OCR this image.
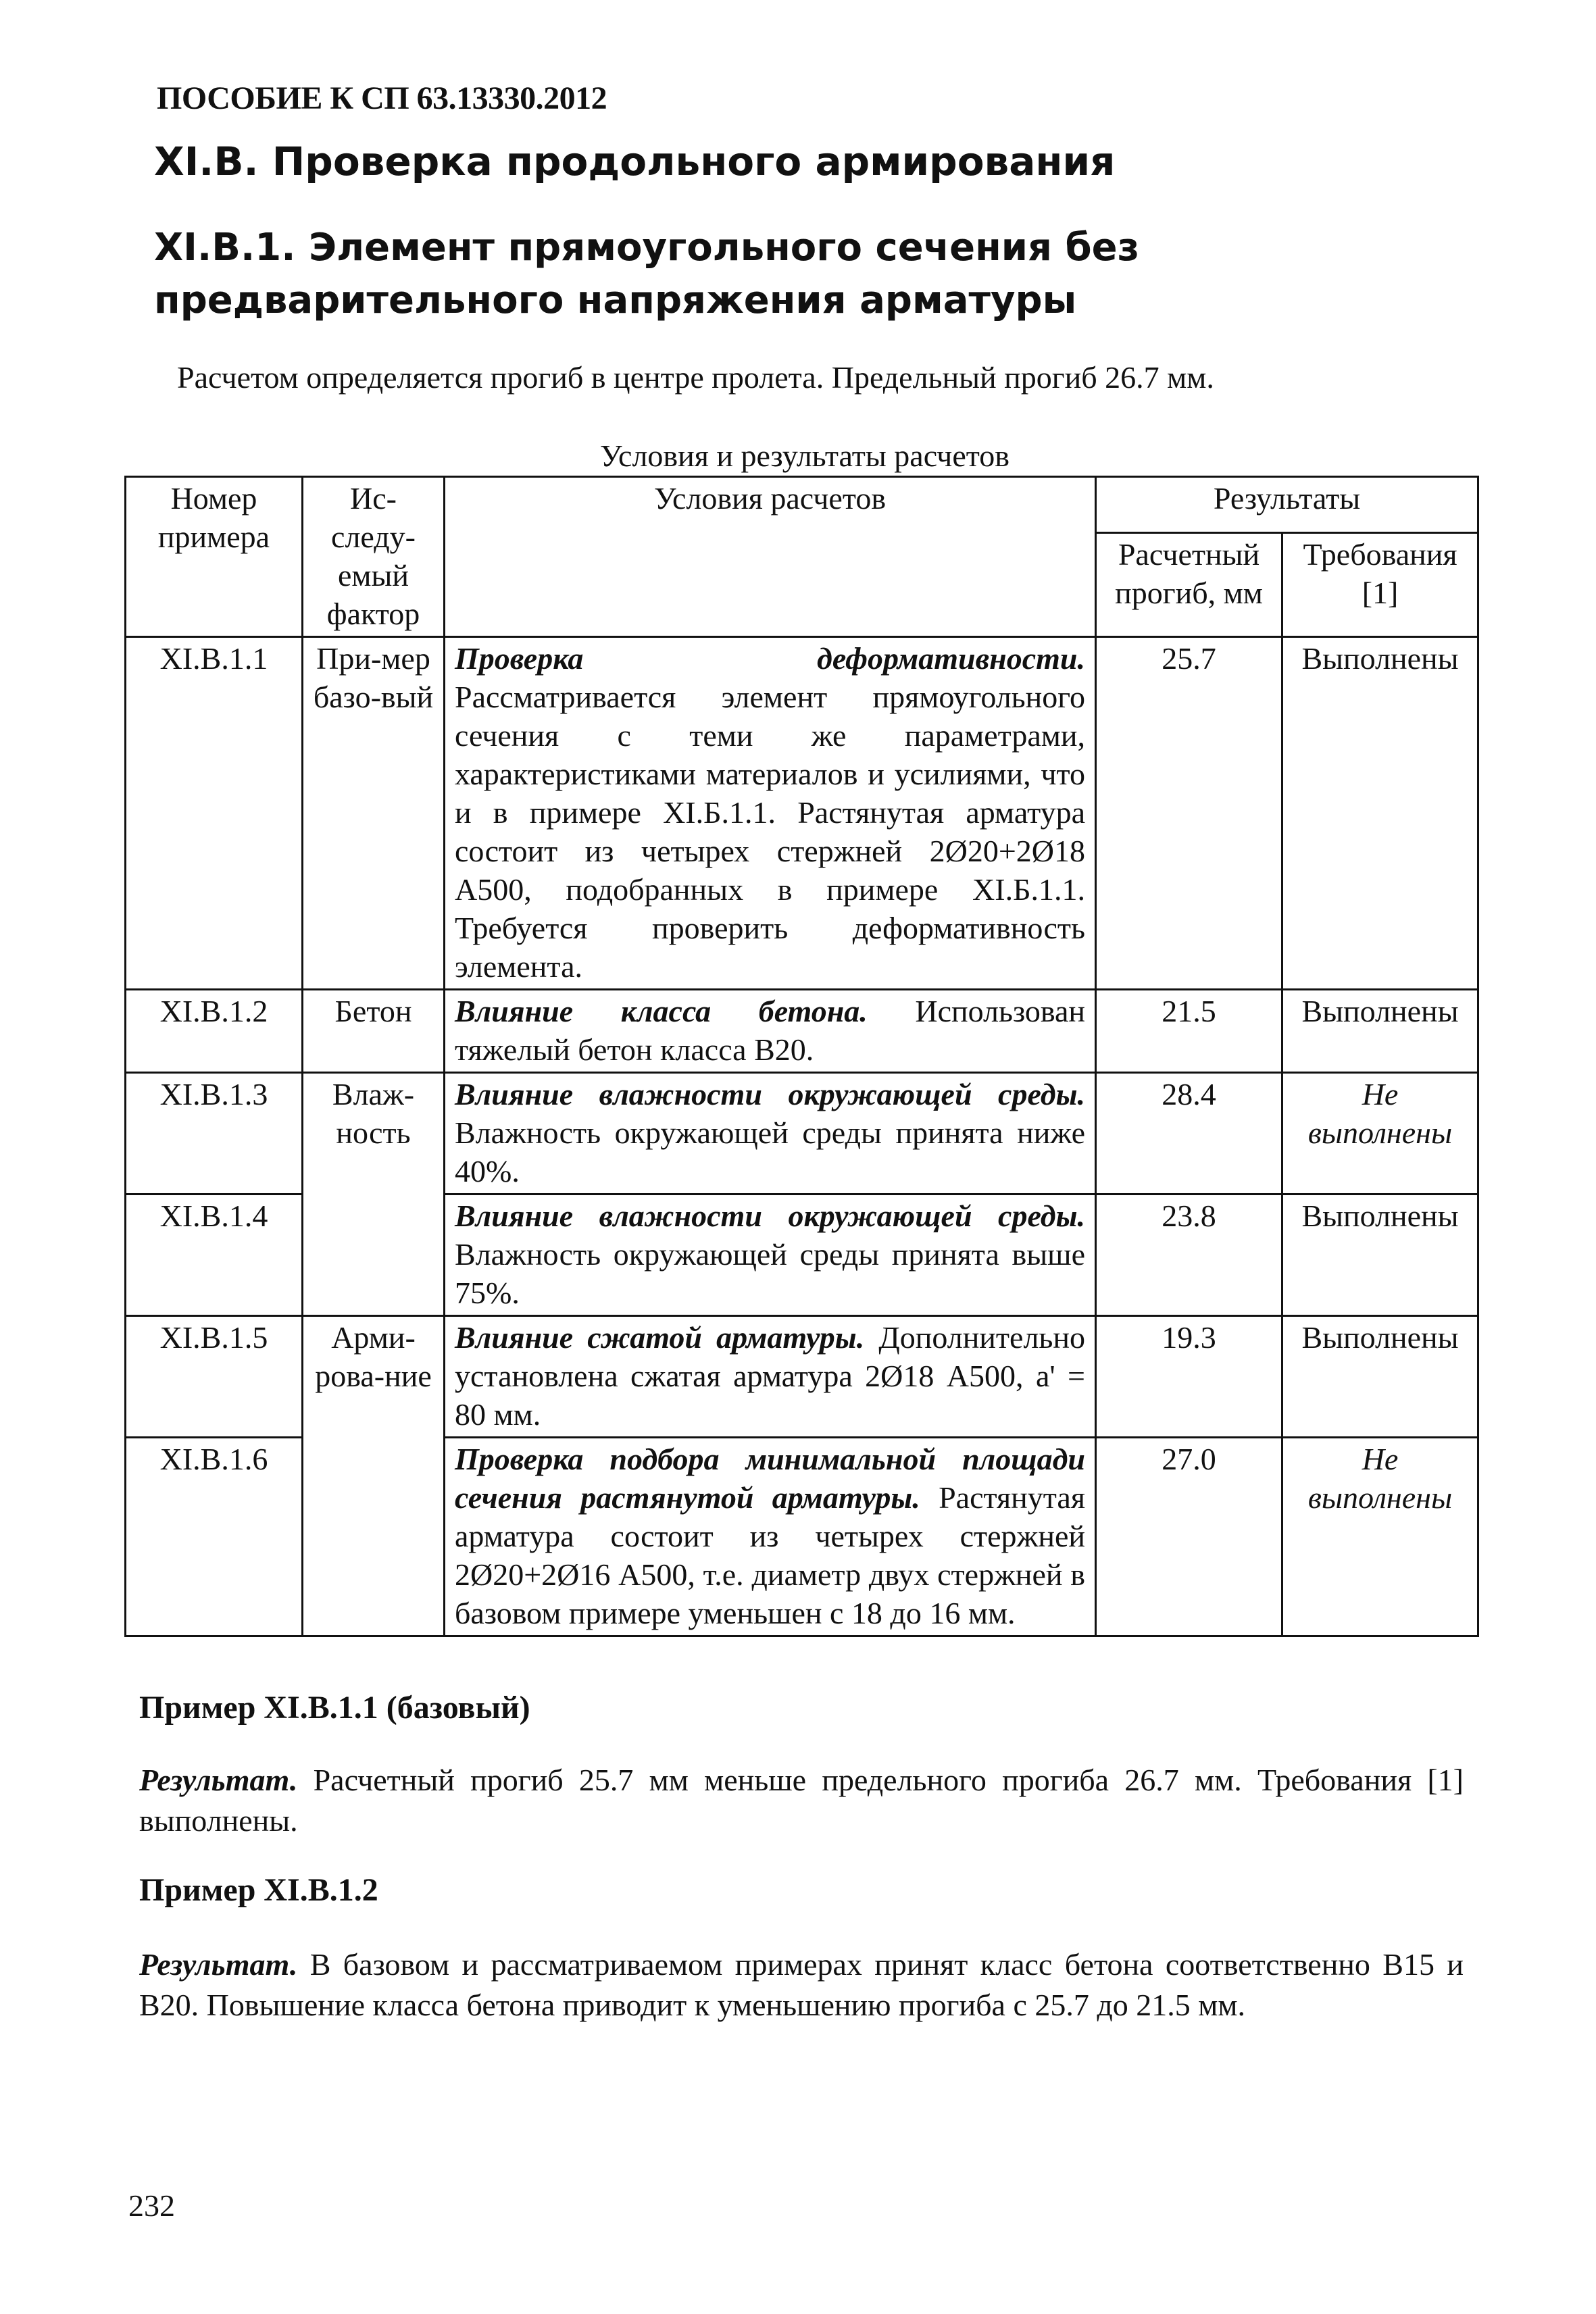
ПОСОБИЕ К СП 63.13330.2012
XI.B. Проверка продольного армирования
XI.B.1. Элемент прямоугольного сечения без предварительного напряжения арматуры
Расчетом определяется прогиб в центре пролета. Предельный прогиб 26.7 мм.
Условия и результаты расчетов
Номер примера	Ис-следу-емый фактор	Условия расчетов	Результаты	
			Расчетный прогиб, мм	Требования [1]
XI.B.1.1	При-мер базо-вый	Проверка деформативности. Рассматривается элемент прямоугольного сечения с теми же параметрами, характеристиками материалов и усилиями, что и в примере XI.Б.1.1. Растянутая арматура состоит из четырех стержней 2Ø20+2Ø18 А500, подобранных в примере XI.Б.1.1. Требуется проверить деформативность элемента.	25.7	Выполнены
XI.B.1.2	Бетон	Влияние класса бетона. Использован тяжелый бетон класса B20.	21.5	Выполнены
XI.B.1.3	Влаж-ность	Влияние влажности окружающей среды. Влажность окружающей среды принята ниже 40%.	28.4	Не выполнены
XI.B.1.4		Влияние влажности окружающей среды. Влажность окружающей среды принята выше 75%.	23.8	Выполнены
XI.B.1.5	Арми-рова-ние	Влияние сжатой арматуры. Дополнительно установлена сжатая арматура 2Ø18 А500, a' = 80 мм.	19.3	Выполнены
XI.B.1.6		Проверка подбора минимальной площади сечения растянутой арматуры. Растянутая арматура состоит из четырех стержней 2Ø20+2Ø16 А500, т.е. диаметр двух стержней в базовом примере уменьшен с 18 до 16 мм.	27.0	Не выполнены
Пример XI.B.1.1 (базовый)
Результат. Расчетный прогиб 25.7 мм меньше предельного прогиба 26.7 мм. Требования [1] выполнены.
Пример XI.B.1.2
Результат. В базовом и рассматриваемом примерах принят класс бетона соответственно B15 и B20. Повышение класса бетона приводит к уменьшению прогиба с 25.7 до 21.5 мм.
232
